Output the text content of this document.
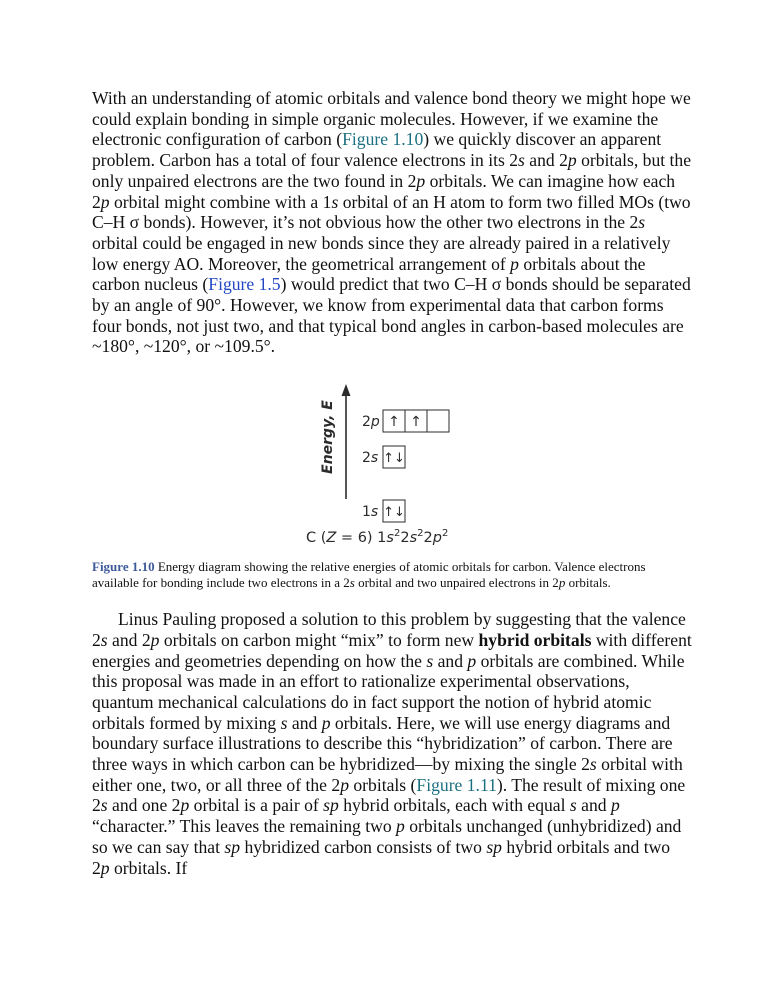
With an understanding of atomic orbitals and valence bond theory we might hope we could explain bonding in simple organic molecules. However, if we examine the electronic configuration of carbon (Figure 1.10) we quickly discover an apparent problem. Carbon has a total of four valence electrons in its 2s and 2p orbitals, but the only unpaired electrons are the two found in 2p orbitals. We can imagine how each 2p orbital might combine with a 1s orbital of an H atom to form two filled MOs (two C–H σ bonds). However, it’s not obvious how the other two electrons in the 2s orbital could be engaged in new bonds since they are already paired in a relatively low energy AO. Moreover, the geometrical arrangement of p orbitals about the carbon nucleus (Figure 1.5) would predict that two C–H σ bonds should be separated by an angle of 90°. However, we know from experimental data that carbon forms four bonds, not just two, and that typical bond angles in carbon-based molecules are ~180°, ~120°, or ~109.5°.

Energy, E 2p ↑ ↑
2s ↑↓
1s ↑↓
C (Z = 6) $1s^22s^22p^2$
Figure 1.10 Energy diagram showing the relative energies of atomic orbitals for carbon. Valence electrons available for bonding include two electrons in a 2s orbital and two unpaired electrons in 2p orbitals.

Linus Pauling proposed a solution to this problem by suggesting that the valence 2s and 2p orbitals on carbon might “mix” to form new hybrid orbitals with different energies and geometries depending on how the s and p orbitals are combined. While this proposal was made in an effort to rationalize experimental observations, quantum mechanical calculations do in fact support the notion of hybrid atomic orbitals formed by mixing s and p orbitals. Here, we will use energy diagrams and boundary surface illustrations to describe this “hybridization” of carbon. There are three ways in which carbon can be hybridized—by mixing the single 2s orbital with either one, two, or all three of the 2p orbitals (Figure 1.11). The result of mixing one 2s and one 2p orbital is a pair of sp hybrid orbitals, each with equal s and p “character.” This leaves the remaining two p orbitals unchanged (unhybridized) and so we can say that sp hybridized carbon consists of two sp hybrid orbitals and two 2p orbitals. If
